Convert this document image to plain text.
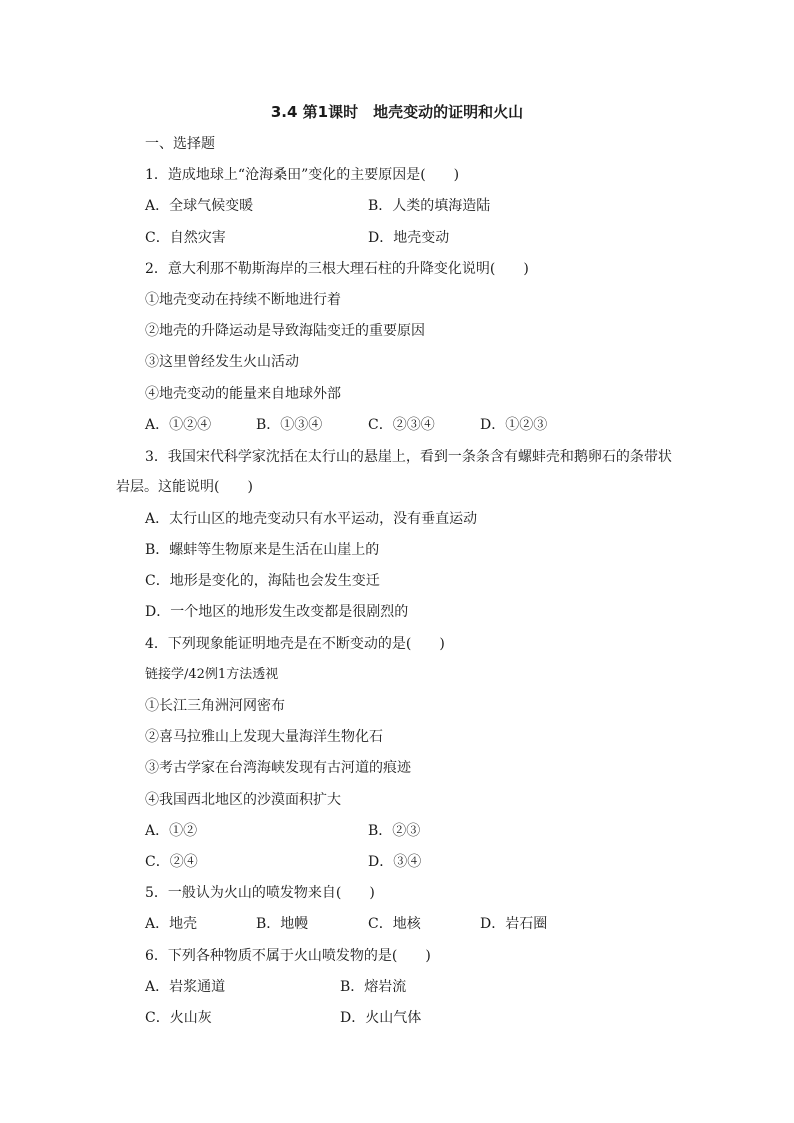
3.4 第1课时　地壳变动的证明和火山
一、选择题
1．造成地球上“沧海桑田”变化的主要原因是(　　)
A．全球气候变暖	B．人类的填海造陆
C．自然灾害	D．地壳变动
2．意大利那不勒斯海岸的三根大理石柱的升降变化说明(　　)
①地壳变动在持续不断地进行着
②地壳的升降运动是导致海陆变迁的重要原因
③这里曾经发生火山活动
④地壳变动的能量来自地球外部
A．①②④	B．①③④	C．②③④	D．①②③
3．我国宋代科学家沈括在太行山的悬崖上，看到一条条含有螺蚌壳和鹅卵石的条带状岩层。这能说明(　　)
A．太行山区的地壳变动只有水平运动，没有垂直运动
B．螺蚌等生物原来是生活在山崖上的
C．地形是变化的，海陆也会发生变迁
D．一个地区的地形发生改变都是很剧烈的
4．下列现象能证明地壳是在不断变动的是(　　)
链接学/42例1方法透视
①长江三角洲河网密布
②喜马拉雅山上发现大量海洋生物化石
③考古学家在台湾海峡发现有古河道的痕迹
④我国西北地区的沙漠面积扩大
A．①②	B．②③
C．②④	D．③④
5．一般认为火山的喷发物来自(　　)
A．地壳	B．地幔	C．地核	D．岩石圈
6．下列各种物质不属于火山喷发物的是(　　)
A．岩浆通道	B．熔岩流
C．火山灰	D．火山气体
